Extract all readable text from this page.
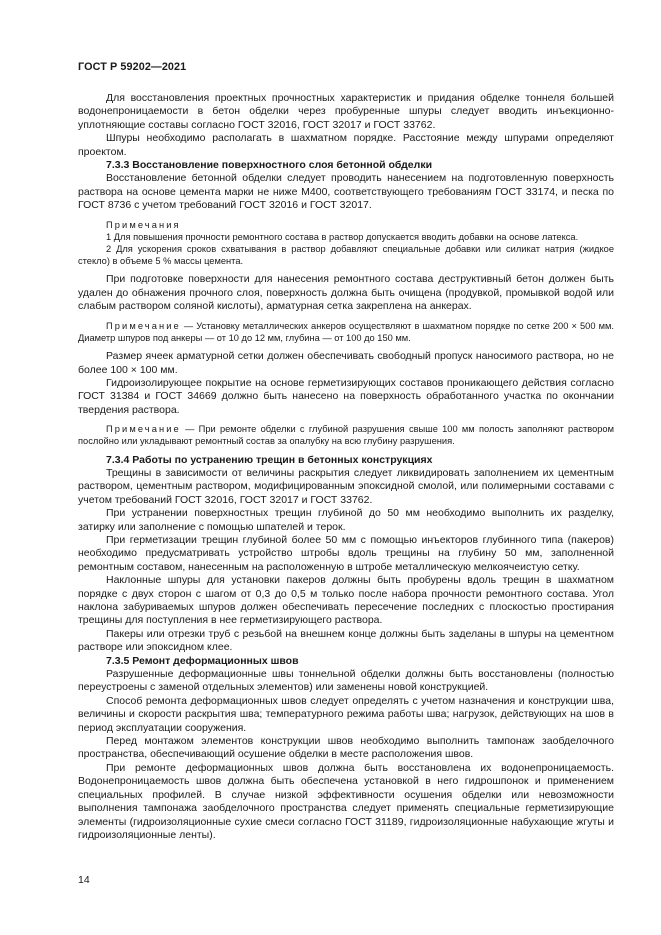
ГОСТ Р 59202—2021

Для восстановления проектных прочностных характеристик и придания обделке тоннеля большей водонепроницаемости в бетон обделки через пробуренные шпуры следует вводить инъекционно-уплотняющие составы согласно ГОСТ 32016, ГОСТ 32017 и ГОСТ 33762.

Шпуры необходимо располагать в шахматном порядке. Расстояние между шпурами определяют проектом.

7.3.3 Восстановление поверхностного слоя бетонной обделки

Восстановление бетонной обделки следует проводить нанесением на подготовленную поверхность раствора на основе цемента марки не ниже М400, соответствующего требованиям ГОСТ 33174, и песка по ГОСТ 8736 с учетом требований ГОСТ 32016 и ГОСТ 32017.

Примечания

1 Для повышения прочности ремонтного состава в раствор допускается вводить добавки на основе латекса.

2 Для ускорения сроков схватывания в раствор добавляют специальные добавки или силикат натрия (жидкое стекло) в объеме 5 % массы цемента.

При подготовке поверхности для нанесения ремонтного состава деструктивный бетон должен быть удален до обнажения прочного слоя, поверхность должна быть очищена (продувкой, промывкой водой или слабым раствором соляной кислоты), арматурная сетка закреплена на анкерах.

Примечание — Установку металлических анкеров осуществляют в шахматном порядке по сетке 200 × 500 мм. Диаметр шпуров под анкеры — от 10 до 12 мм, глубина — от 100 до 150 мм.

Размер ячеек арматурной сетки должен обеспечивать свободный пропуск наносимого раствора, но не более 100 × 100 мм.

Гидроизолирующее покрытие на основе герметизирующих составов проникающего действия согласно ГОСТ 31384 и ГОСТ 34669 должно быть нанесено на поверхность обработанного участка по окончании твердения раствора.

Примечание — При ремонте обделки с глубиной разрушения свыше 100 мм полость заполняют раствором послойно или укладывают ремонтный состав за опалубку на всю глубину разрушения.

7.3.4 Работы по устранению трещин в бетонных конструкциях

Трещины в зависимости от величины раскрытия следует ликвидировать заполнением их цементным раствором, цементным раствором, модифицированным эпоксидной смолой, или полимерными составами с учетом требований ГОСТ 32016, ГОСТ 32017 и ГОСТ 33762.

При устранении поверхностных трещин глубиной до 50 мм необходимо выполнить их разделку, затирку или заполнение с помощью шпателей и терок.

При герметизации трещин глубиной более 50 мм с помощью инъекторов глубинного типа (пакеров) необходимо предусматривать устройство штробы вдоль трещины на глубину 50 мм, заполненной ремонтным составом, нанесенным на расположенную в штробе металлическую мелкоячеистую сетку.

Наклонные шпуры для установки пакеров должны быть пробурены вдоль трещин в шахматном порядке с двух сторон с шагом от 0,3 до 0,5 м только после набора прочности ремонтного состава. Угол наклона забуриваемых шпуров должен обеспечивать пересечение последних с плоскостью простирания трещины для поступления в нее герметизирующего раствора.

Пакеры или отрезки труб с резьбой на внешнем конце должны быть заделаны в шпуры на цементном растворе или эпоксидном клее.

7.3.5 Ремонт деформационных швов

Разрушенные деформационные швы тоннельной обделки должны быть восстановлены (полностью переустроены с заменой отдельных элементов) или заменены новой конструкцией.

Способ ремонта деформационных швов следует определять с учетом назначения и конструкции шва, величины и скорости раскрытия шва; температурного режима работы шва; нагрузок, действующих на шов в период эксплуатации сооружения.

Перед монтажом элементов конструкции швов необходимо выполнить тампонаж заобделочного пространства, обеспечивающий осушение обделки в месте расположения швов.

При ремонте деформационных швов должна быть восстановлена их водонепроницаемость. Водонепроницаемость швов должна быть обеспечена установкой в него гидрошпонок и применением специальных профилей. В случае низкой эффективности осушения обделки или невозможности выполнения тампонажа заобделочного пространства следует применять специальные герметизирующие элементы (гидроизоляционные сухие смеси согласно ГОСТ 31189, гидроизоляционные набухающие жгуты и гидроизоляционные ленты).

14
